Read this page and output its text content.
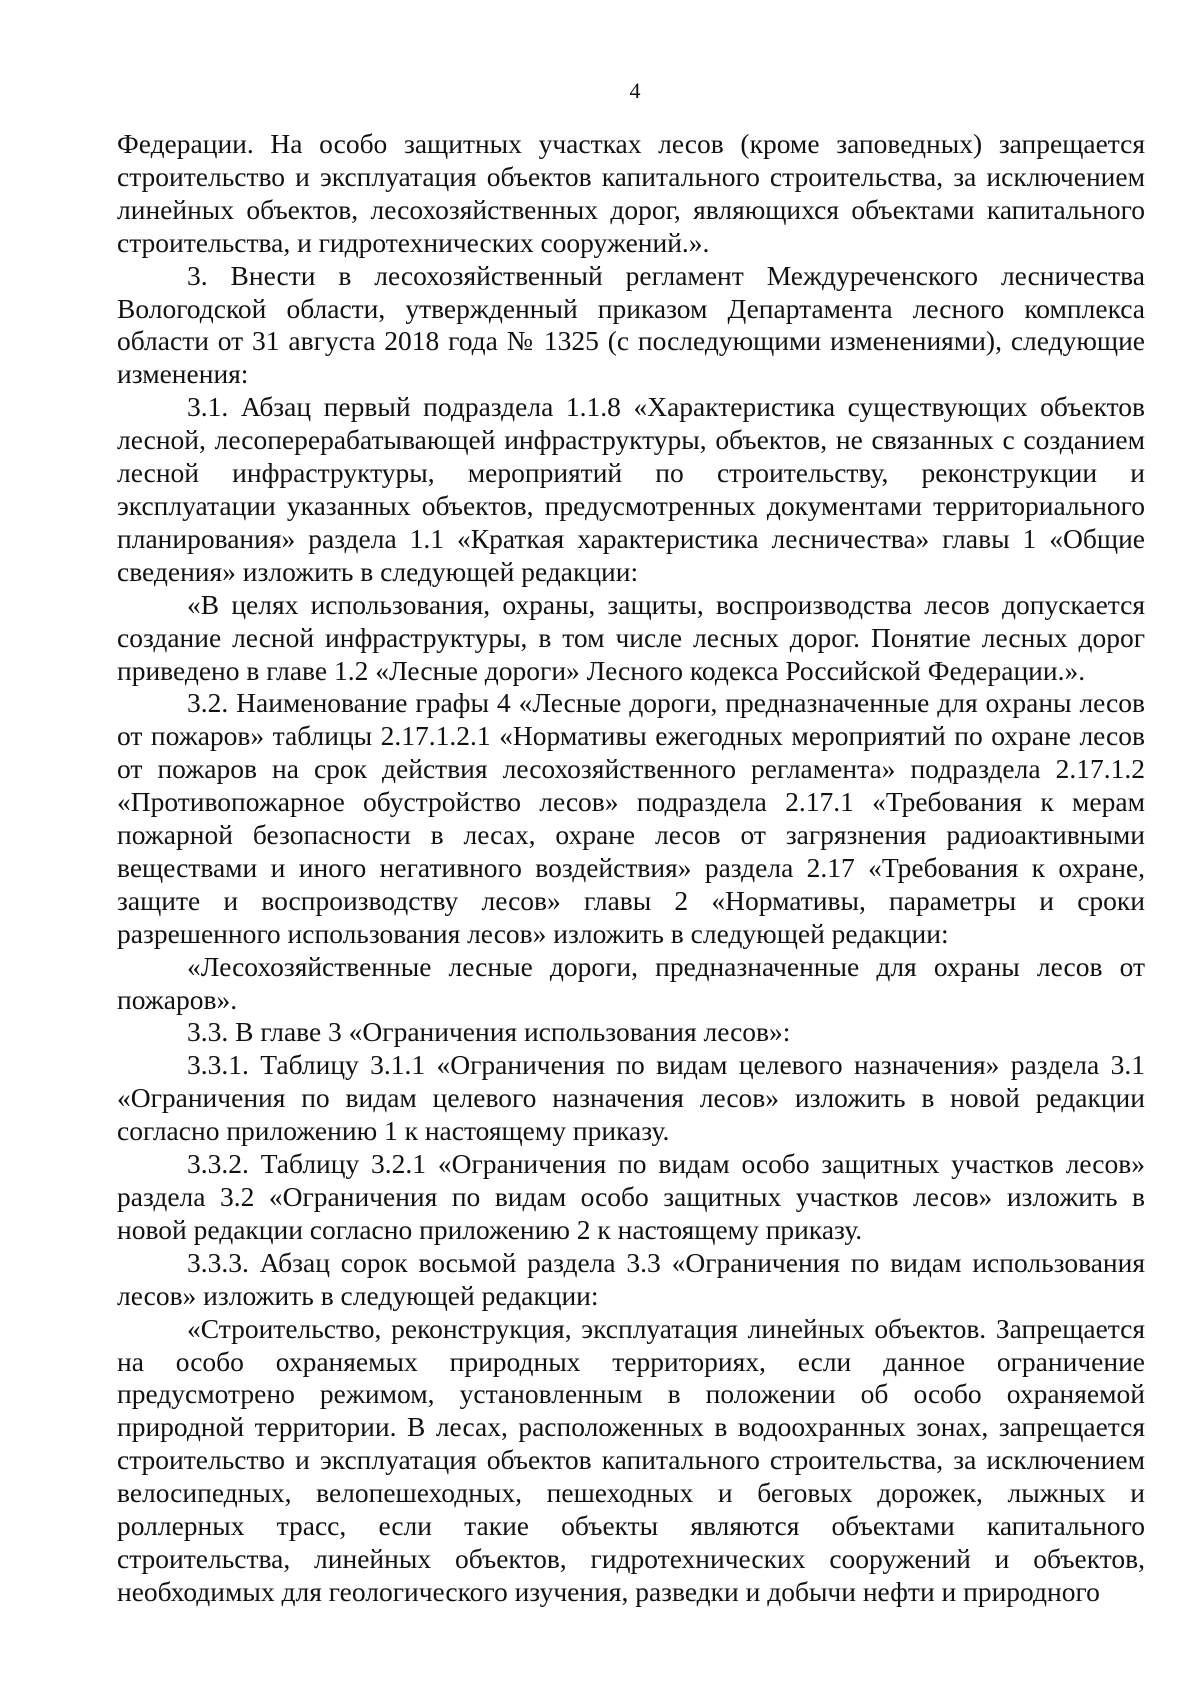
4

Федерации. На особо защитных участках лесов (кроме заповедных) запрещается строительство и эксплуатация объектов капитального строительства, за исключением линейных объектов, лесохозяйственных дорог, являющихся объектами капитального строительства, и гидротехнических сооружений.».

3. Внести в лесохозяйственный регламент Междуреченского лесничества Вологодской области, утвержденный приказом Департамента лесного комплекса области от 31 августа 2018 года № 1325 (с последующими изменениями), следующие изменения:

3.1. Абзац первый подраздела 1.1.8 «Характеристика существующих объектов лесной, лесоперерабатывающей инфраструктуры, объектов, не связанных с созданием лесной инфраструктуры, мероприятий по строительству, реконструкции и эксплуатации указанных объектов, предусмотренных документами территориального планирования» раздела 1.1 «Краткая характеристика лесничества» главы 1 «Общие сведения» изложить в следующей редакции:

«В целях использования, охраны, защиты, воспроизводства лесов допускается создание лесной инфраструктуры, в том числе лесных дорог. Понятие лесных дорог приведено в главе 1.2 «Лесные дороги» Лесного кодекса Российской Федерации.».

3.2. Наименование графы 4 «Лесные дороги, предназначенные для охраны лесов от пожаров» таблицы 2.17.1.2.1 «Нормативы ежегодных мероприятий по охране лесов от пожаров на срок действия лесохозяйственного регламента» подраздела 2.17.1.2 «Противопожарное обустройство лесов» подраздела 2.17.1 «Требования к мерам пожарной безопасности в лесах, охране лесов от загрязнения радиоактивными веществами и иного негативного воздействия» раздела 2.17 «Требования к охране, защите и воспроизводству лесов» главы 2 «Нормативы, параметры и сроки разрешенного использования лесов» изложить в следующей редакции:

«Лесохозяйственные лесные дороги, предназначенные для охраны лесов от пожаров».

3.3. В главе 3 «Ограничения использования лесов»:

3.3.1. Таблицу 3.1.1 «Ограничения по видам целевого назначения» раздела 3.1 «Ограничения по видам целевого назначения лесов» изложить в новой редакции согласно приложению 1 к настоящему приказу.

3.3.2. Таблицу 3.2.1 «Ограничения по видам особо защитных участков лесов» раздела 3.2 «Ограничения по видам особо защитных участков лесов» изложить в новой редакции согласно приложению 2 к настоящему приказу.

3.3.3. Абзац сорок восьмой раздела 3.3 «Ограничения по видам использования лесов» изложить в следующей редакции:

«Строительство, реконструкция, эксплуатация линейных объектов. Запрещается на особо охраняемых природных территориях, если данное ограничение предусмотрено режимом, установленным в положении об особо охраняемой природной территории. В лесах, расположенных в водоохранных зонах, запрещается строительство и эксплуатация объектов капитального строительства, за исключением велосипедных, велопешеходных, пешеходных и беговых дорожек, лыжных и роллерных трасс, если такие объекты являются объектами капитального строительства, линейных объектов, гидротехнических сооружений и объектов, необходимых для геологического изучения, разведки и добычи нефти и природного
